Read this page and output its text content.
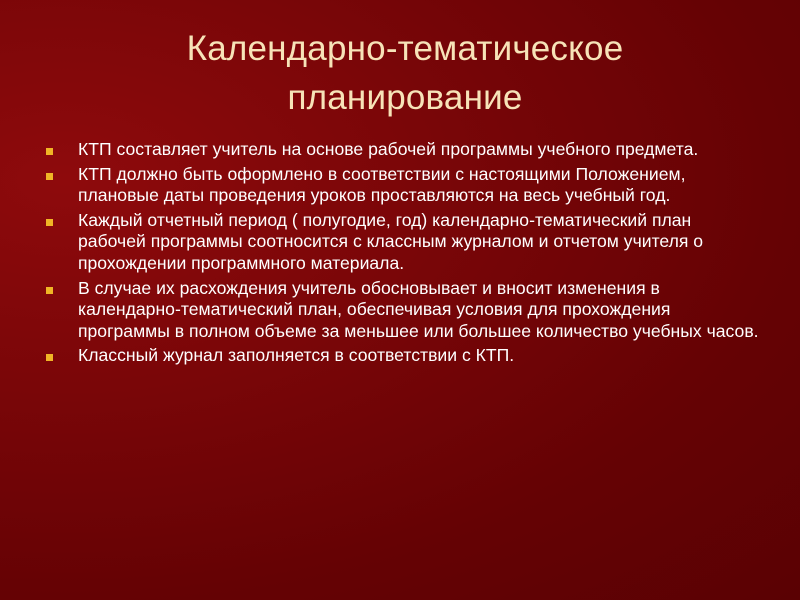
Календарно-тематическое
планирование
КТП составляет учитель на основе рабочей программы учебного предмета.
КТП должно быть оформлено в соответствии с настоящими Положением, плановые даты проведения уроков проставляются на весь учебный год.
Каждый отчетный период ( полугодие, год) календарно-тематический план рабочей программы соотносится с классным журналом и отчетом учителя о прохождении программного материала.
В случае их расхождения учитель обосновывает и вносит изменения в календарно-тематический план, обеспечивая условия для прохождения программы в полном объеме за меньшее или большее количество учебных часов.
Классный журнал заполняется в соответствии с КТП.
